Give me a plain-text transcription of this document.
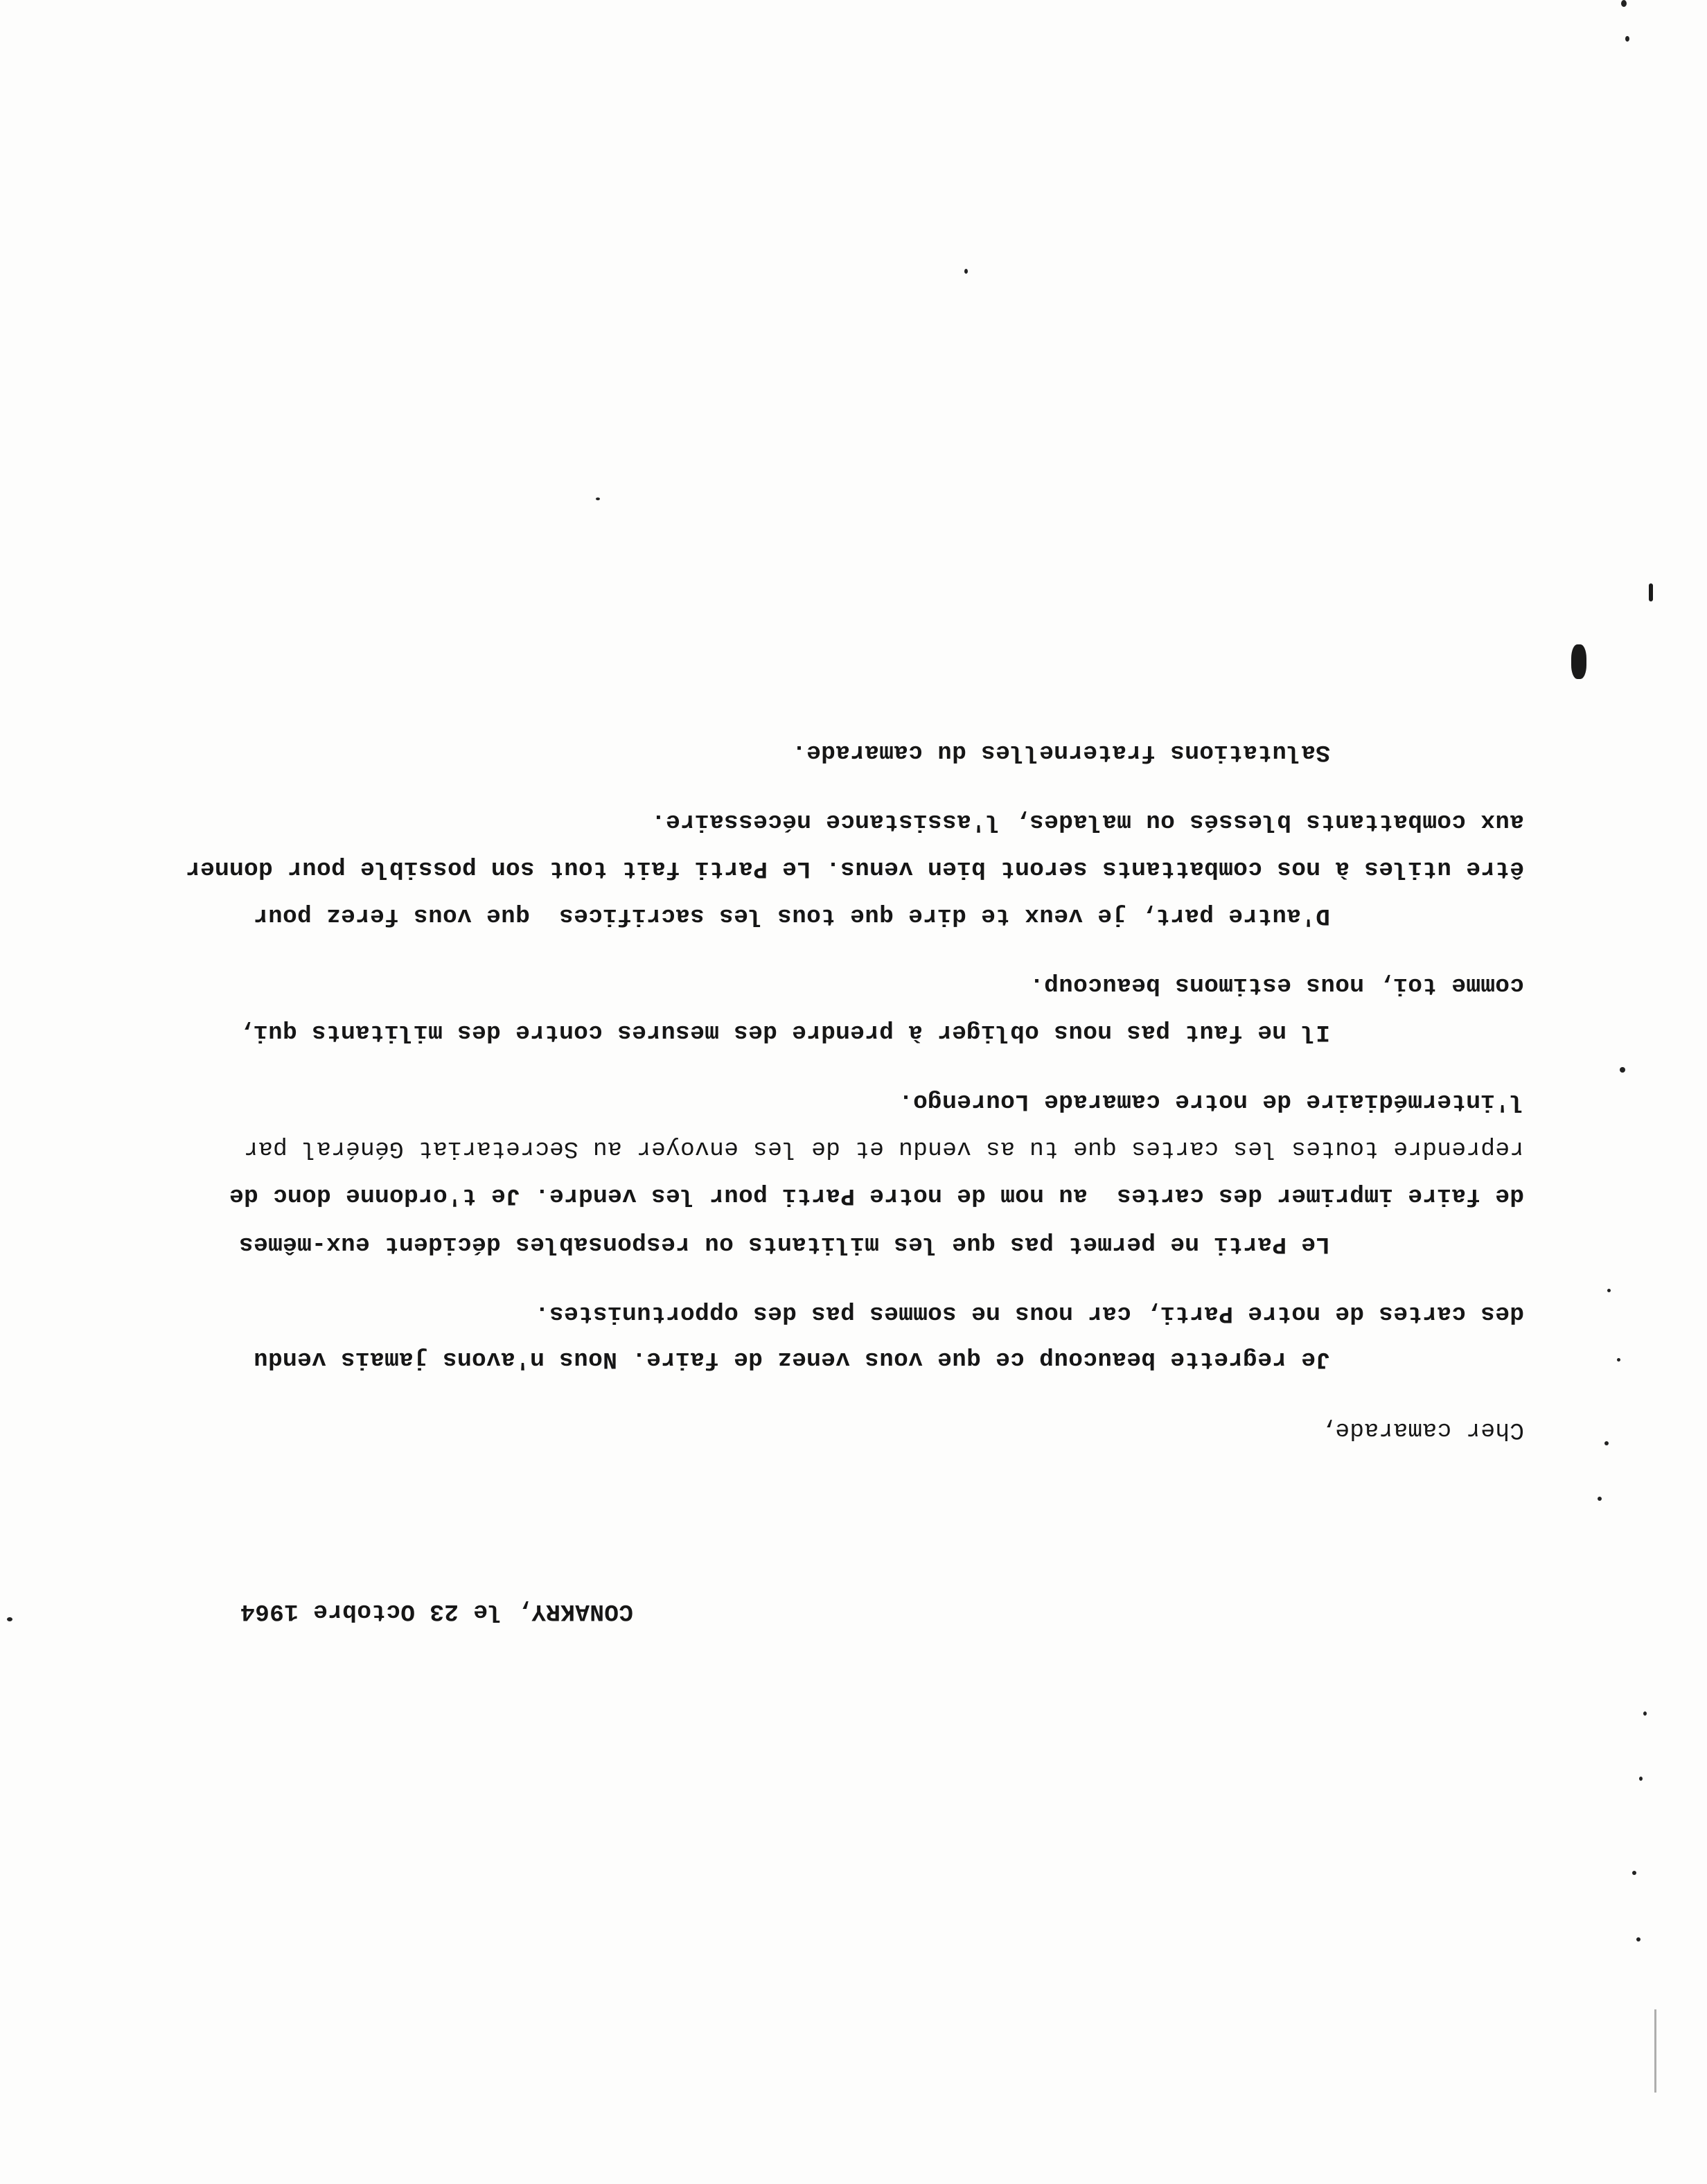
CONAKRY, le 23 Octobre 1964
Cher camarade,
Je regrette beaucoup ce que vous venez de faire. Nous n'avons jamais vendu
des cartes de notre Parti, car nous ne sommes pas des opportunistes.
Le Parti ne permet pas que les militants ou responsables décident eux-mêmes
de faire imprimer des cartes  au nom de notre Parti pour les vendre. Je t'ordonne donc de
reprendre toutes les cartes que tu as vendu et de les envoyer au Secretariat Général par
l'intermédiaire de notre camarade Lourengo.
Il ne faut pas nous obliger à prendre des mesures contre des militants qui,
comme toi, nous estimons beaucoup.
D'autre part, je veux te dire que tous les sacrifices  que vous ferez pour
être utiles à nos combattants seront bien venus. Le Parti fait tout son possible pour donner
aux combattants blessés ou malades, l'assistance nécessaire.
Salutations fraternelles du camarade.
